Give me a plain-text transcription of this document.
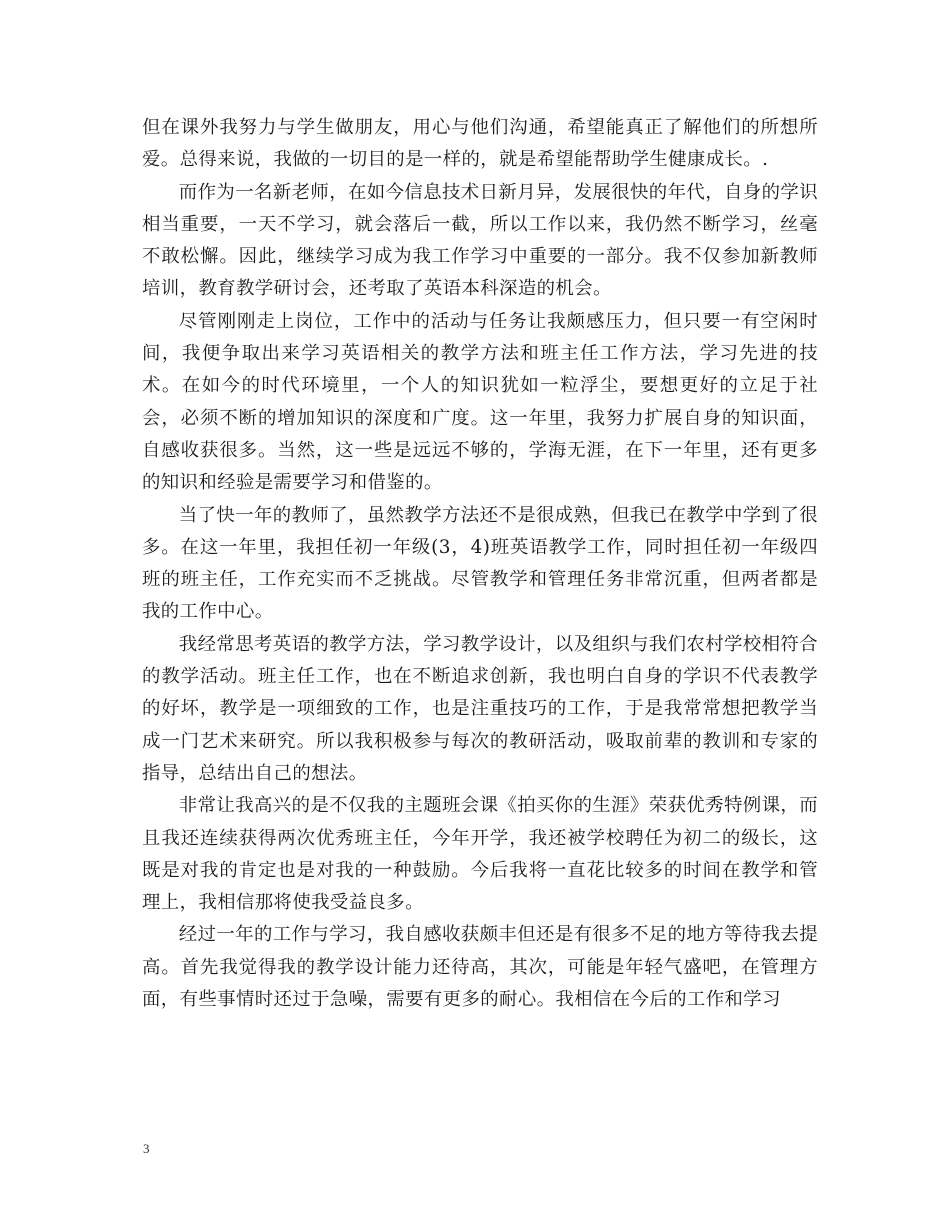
但在课外我努力与学生做朋友，用心与他们沟通，希望能真正了解他们的所想所爱。总得来说，我做的一切目的是一样的，就是希望能帮助学生健康成长。.

而作为一名新老师，在如今信息技术日新月异，发展很快的年代，自身的学识相当重要，一天不学习，就会落后一截，所以工作以来，我仍然不断学习，丝毫不敢松懈。因此，继续学习成为我工作学习中重要的一部分。我不仅参加新教师培训，教育教学研讨会，还考取了英语本科深造的机会。

尽管刚刚走上岗位，工作中的活动与任务让我颇感压力，但只要一有空闲时间，我便争取出来学习英语相关的教学方法和班主任工作方法，学习先进的技术。在如今的时代环境里，一个人的知识犹如一粒浮尘，要想更好的立足于社会，必须不断的增加知识的深度和广度。这一年里，我努力扩展自身的知识面，自感收获很多。当然，这一些是远远不够的，学海无涯，在下一年里，还有更多的知识和经验是需要学习和借鉴的。

当了快一年的教师了，虽然教学方法还不是很成熟，但我已在教学中学到了很多。在这一年里，我担任初一年级(3，4)班英语教学工作，同时担任初一年级四班的班主任，工作充实而不乏挑战。尽管教学和管理任务非常沉重，但两者都是我的工作中心。

我经常思考英语的教学方法，学习教学设计，以及组织与我们农村学校相符合的教学活动。班主任工作，也在不断追求创新，我也明白自身的学识不代表教学的好坏，教学是一项细致的工作，也是注重技巧的工作，于是我常常想把教学当成一门艺术来研究。所以我积极参与每次的教研活动，吸取前辈的教训和专家的指导，总结出自己的想法。

非常让我高兴的是不仅我的主题班会课《拍买你的生涯》荣获优秀特例课，而且我还连续获得两次优秀班主任，今年开学，我还被学校聘任为初二的级长，这既是对我的肯定也是对我的一种鼓励。今后我将一直花比较多的时间在教学和管理上，我相信那将使我受益良多。

经过一年的工作与学习，我自感收获颇丰但还是有很多不足的地方等待我去提高。首先我觉得我的教学设计能力还待高，其次，可能是年轻气盛吧，在管理方面，有些事情时还过于急噪，需要有更多的耐心。我相信在今后的工作和学习

3
